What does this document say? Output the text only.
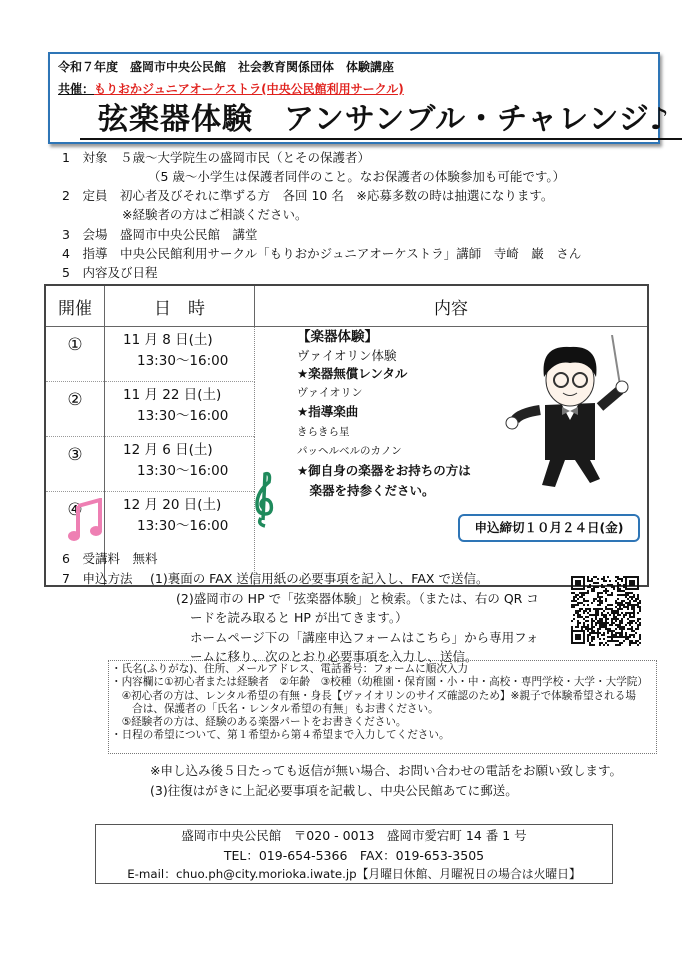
令和７年度　盛岡市中央公民館　社会教育関係団体　体験講座
共催：もりおかジュニアオーケストラ(中央公民館利用サークル)
弦楽器体験　アンサンブル・チャレンジ♪
1　 対象　 ５歳～大学院生の盛岡市民（とその保護者）
（5 歳～小学生は保護者同伴のこと。なお保護者の体験参加も可能です。）
2　 定員　 初心者及びそれに準ずる方　各回 10 名　※応募多数の時は抽選になります。
※経験者の方はご相談ください。
3　 会場　 盛岡市中央公民館　講堂
4　 指導　 中央公民館利用サークル「もりおかジュニアオーケストラ」講師　寺崎　巌　さん
5　 内容及び日程
開催	日　時	内容
①	11 月 8 日(土)
13:30～16:00	

②	11 月 22 日(土)
13:30～16:00	

③	12 月 6 日(土)
13:30～16:00	

④	12 月 20 日(土)
13:30～16:00	
【楽器体験】
ヴァイオリン体験
★楽器無償レンタル
ヴァイオリン
★指導楽曲
きらきら星
パッヘルベルのカノン
★御自身の楽器をお持ちの方は
　楽器を持参ください。
申込締切１０月２４日(金)
6　 受講料　 無料
7　 申込方法 (1)裏面の FAX 送信用紙の必要事項を記入し、FAX で送信。
(2)盛岡市の HP で「弦楽器体験」と検索。（または、右の QR コ
ードを読み取ると HP が出てきます。）
ホームページ下の「講座申込フォームはこちら」から専用フォ
ームに移り、次のとおり必要事項を入力し、送信。
・氏名(ふりがな)、住所、メールアドレス、電話番号：フォームに順次入力
・内容欄に①初心者または経験者　②年齢　③校種（幼稚園・保育園・小・中・高校・専門学校・大学・大学院）
　④初心者の方は、レンタル希望の有無・身長【ヴァイオリンのサイズ確認のため】※親子で体験希望される場
　　合は、保護者の「氏名・レンタル希望の有無」もお書ください。
　⑤経験者の方は、経験のある楽器パートをお書きください。
・日程の希望について、第１希望から第４希望まで入力してください。
※申し込み後５日たっても返信が無い場合、お問い合わせの電話をお願い致します。
(3)往復はがきに上記必要事項を記載し、中央公民館あてに郵送。
盛岡市中央公民館　〒020 - 0013　盛岡市愛宕町 14 番 1 号
TEL：019-654-5366　FAX：019-653-3505
E-mail：chuo.ph@city.morioka.iwate.jp【月曜日休館、月曜祝日の場合は火曜日】
